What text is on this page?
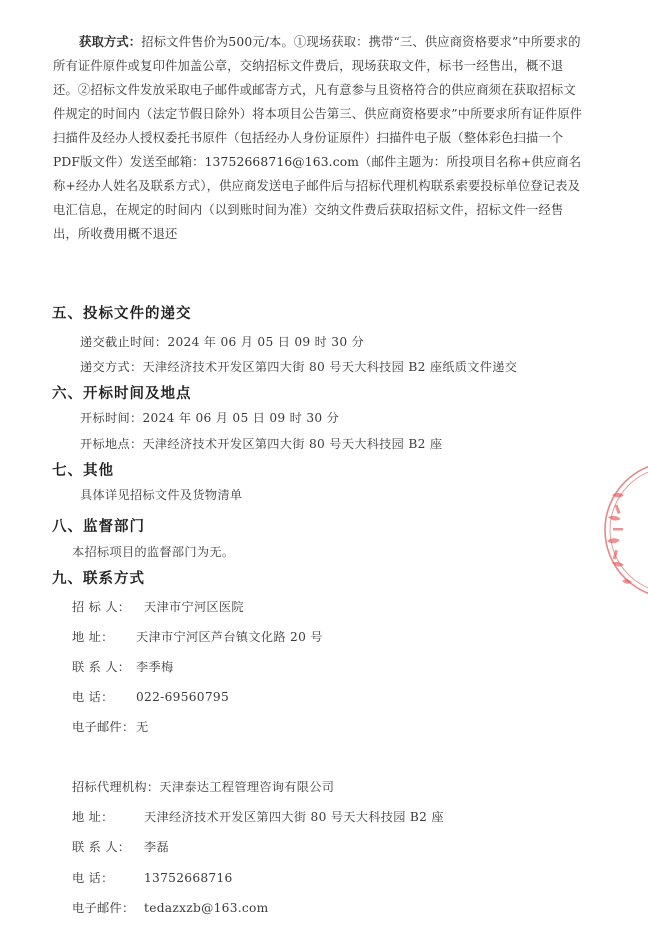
获取方式：招标文件售价为500元/本。①现场获取：携带“三、供应商资格要求”中所要求的所有证件原件或复印件加盖公章，交纳招标文件费后，现场获取文件，标书一经售出，概不退还。②招标文件发放采取电子邮件或邮寄方式，凡有意参与且资格符合的供应商须在获取招标文件规定的时间内（法定节假日除外）将本项目公告第三、供应商资格要求”中所要求所有证件原件扫描件及经办人授权委托书原件（包括经办人身份证原件）扫描件电子版（整体彩色扫描一个PDF版文件）发送至邮箱：13752668716@163.com（邮件主题为：所投项目名称+供应商名称+经办人姓名及联系方式），供应商发送电子邮件后与招标代理机构联系索要投标单位登记表及电汇信息，在规定的时间内（以到账时间为准）交纳文件费后获取招标文件，招标文件一经售出，所收费用概不退还
五、投标文件的递交
递交截止时间：2024 年 06 月 05 日 09 时 30 分
递交方式：天津经济技术开发区第四大街 80 号天大科技园 B2 座纸质文件递交
六、开标时间及地点
开标时间：2024 年 06 月 05 日 09 时 30 分
开标地点：天津经济技术开发区第四大街 80 号天大科技园 B2 座
七、其他
具体详见招标文件及货物清单
八、监督部门
本招标项目的监督部门为无。
九、联系方式
招 标 人： 天津市宁河区医院
地 址： 天津市宁河区芦台镇文化路 20 号
联 系 人： 李季梅
电 话： 022-69560795
电子邮件： 无
招标代理机构：天津泰达工程管理咨询有限公司
地 址： 天津经济技术开发区第四大街 80 号天大科技园 B2 座
联 系 人： 李磊
电 话： 13752668716
电子邮件： tedazxzb@163.com
